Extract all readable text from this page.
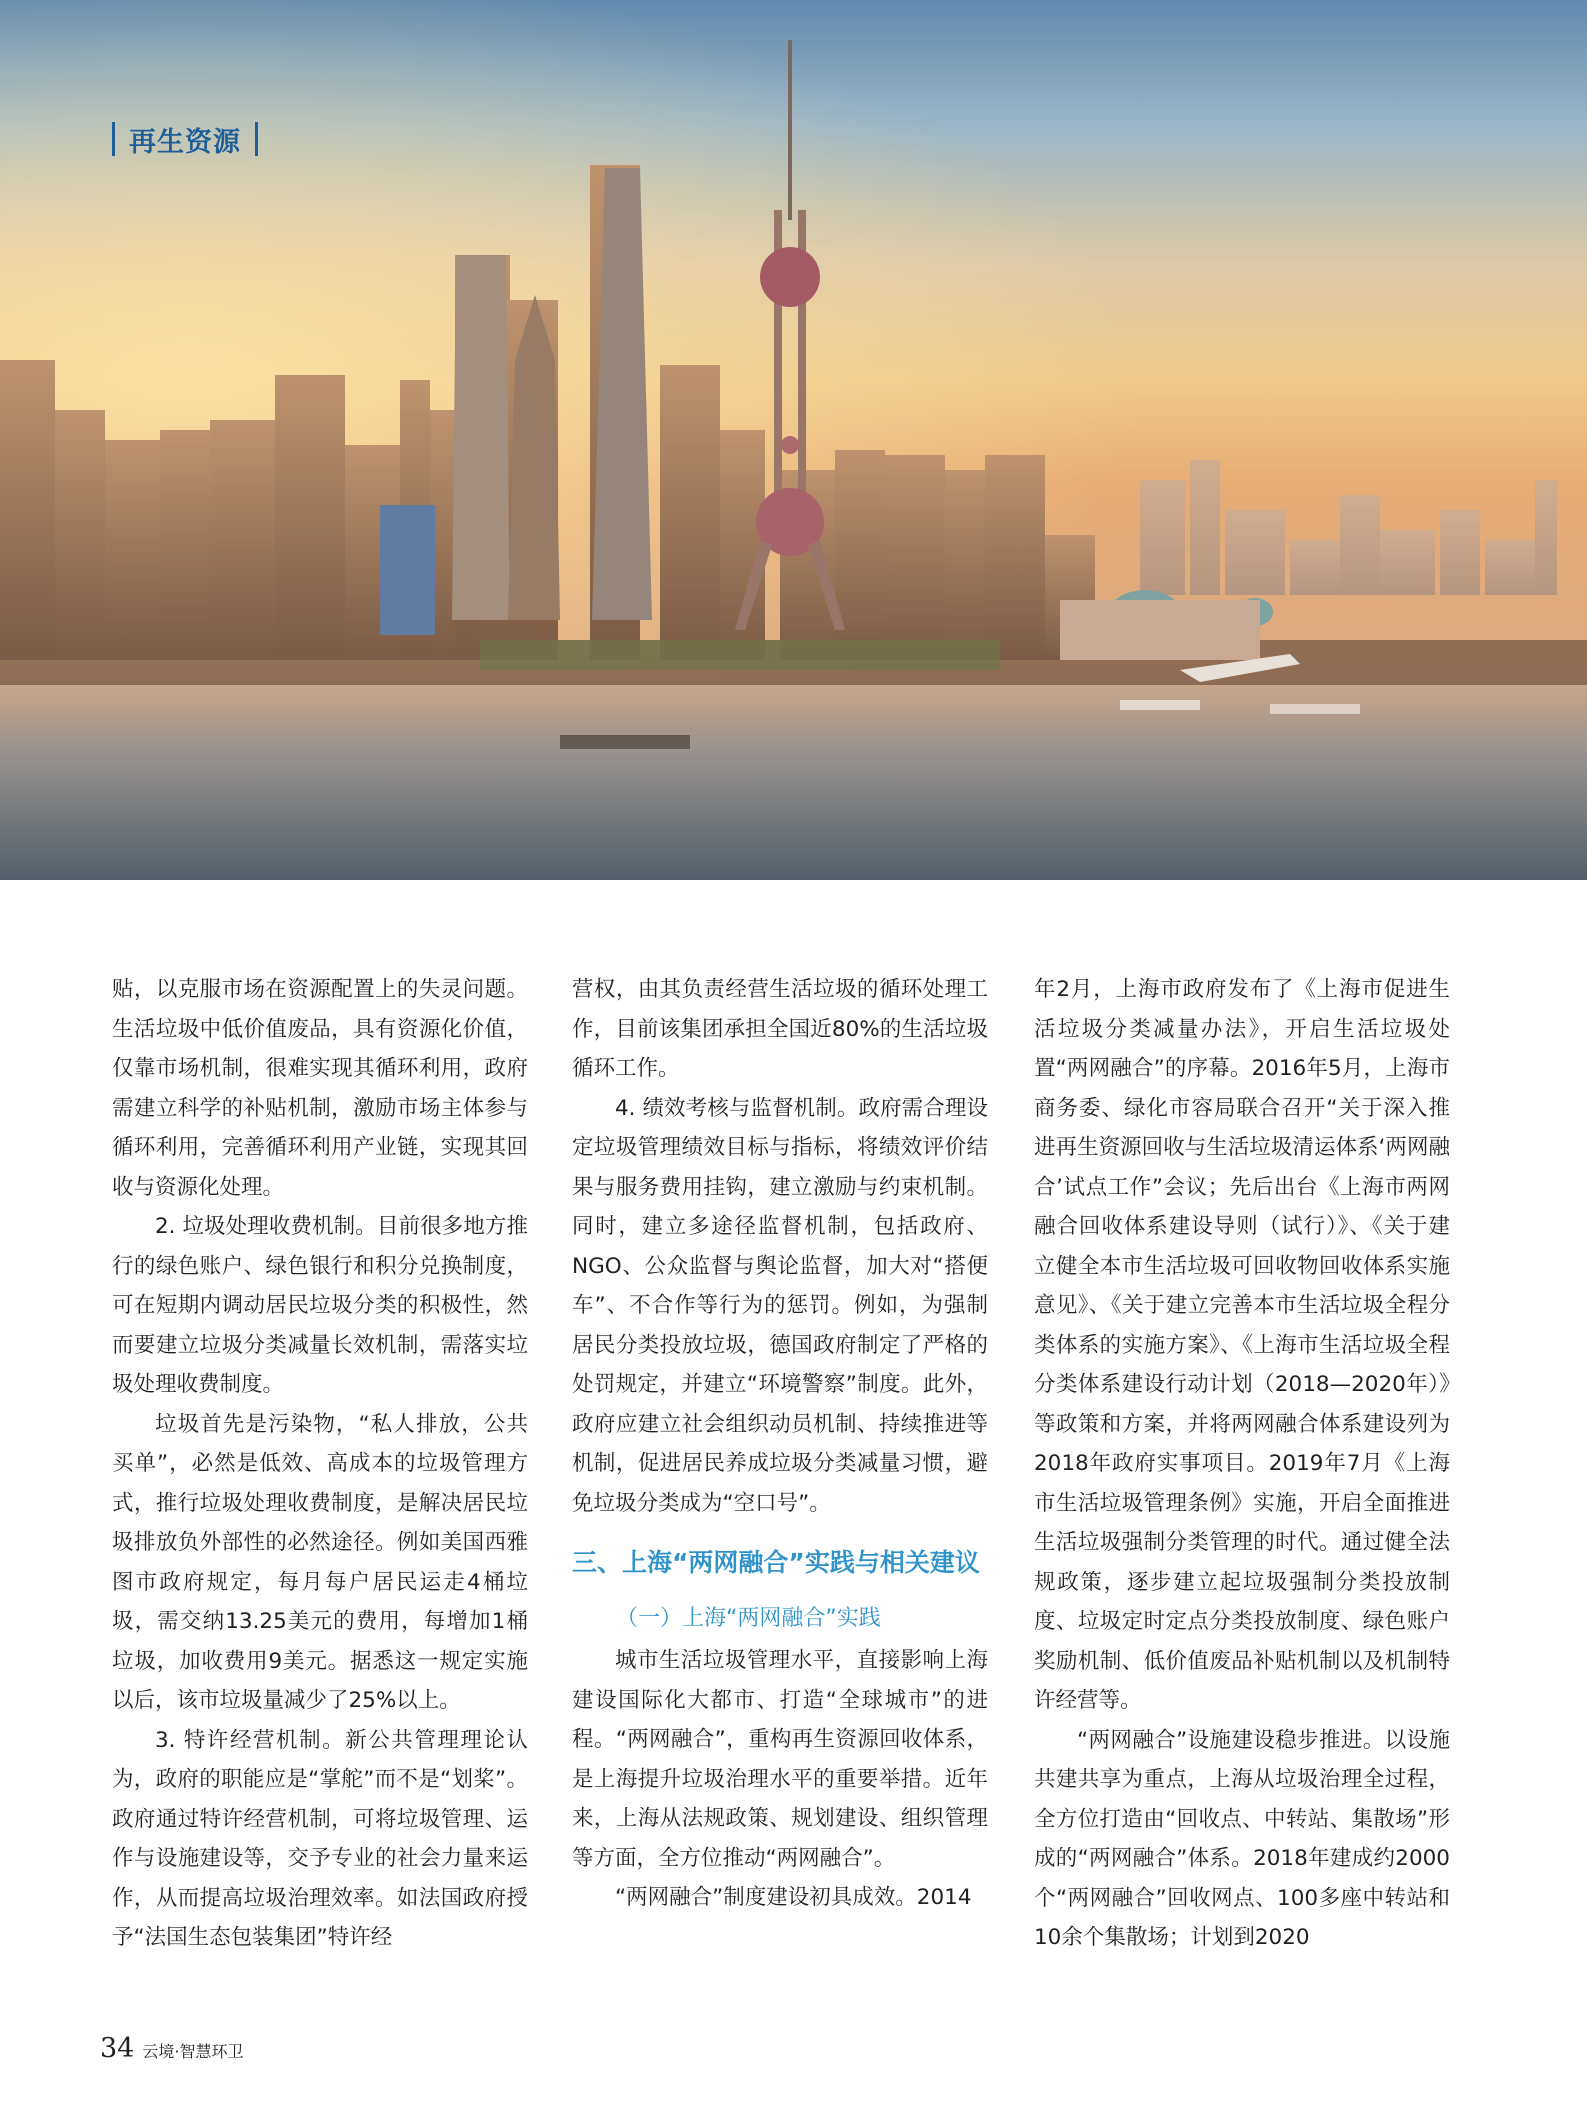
再生资源

贴，以克服市场在资源配置上的失灵问题。生活垃圾中低价值废品，具有资源化价值，仅靠市场机制，很难实现其循环利用，政府需建立科学的补贴机制，激励市场主体参与循环利用，完善循环利用产业链，实现其回收与资源化处理。

2. 垃圾处理收费机制。目前很多地方推行的绿色账户、绿色银行和积分兑换制度，可在短期内调动居民垃圾分类的积极性，然而要建立垃圾分类减量长效机制，需落实垃圾处理收费制度。

垃圾首先是污染物，“私人排放，公共买单”，必然是低效、高成本的垃圾管理方式，推行垃圾处理收费制度，是解决居民垃圾排放负外部性的必然途径。例如美国西雅图市政府规定，每月每户居民运走4桶垃圾，需交纳13.25美元的费用，每增加1桶垃圾，加收费用9美元。据悉这一规定实施以后，该市垃圾量减少了25%以上。

3. 特许经营机制。新公共管理理论认为，政府的职能应是“掌舵”而不是“划桨”。政府通过特许经营机制，可将垃圾管理、运作与设施建设等，交予专业的社会力量来运作，从而提高垃圾治理效率。如法国政府授予“法国生态包装集团”特许经

营权，由其负责经营生活垃圾的循环处理工作，目前该集团承担全国近80%的生活垃圾循环工作。

4. 绩效考核与监督机制。政府需合理设定垃圾管理绩效目标与指标，将绩效评价结果与服务费用挂钩，建立激励与约束机制。同时，建立多途径监督机制，包括政府、NGO、公众监督与舆论监督，加大对“搭便车”、不合作等行为的惩罚。例如，为强制居民分类投放垃圾，德国政府制定了严格的处罚规定，并建立“环境警察”制度。此外，政府应建立社会组织动员机制、持续推进等机制，促进居民养成垃圾分类减量习惯，避免垃圾分类成为“空口号”。

三、上海“两网融合”实践与相关建议
（一）上海“两网融合”实践

城市生活垃圾管理水平，直接影响上海建设国际化大都市、打造“全球城市”的进程。“两网融合”，重构再生资源回收体系，是上海提升垃圾治理水平的重要举措。近年来，上海从法规政策、规划建设、组织管理等方面，全方位推动“两网融合”。

“两网融合”制度建设初具成效。2014

年2月，上海市政府发布了《上海市促进生活垃圾分类减量办法》，开启生活垃圾处置“两网融合”的序幕。2016年5月，上海市商务委、绿化市容局联合召开“关于深入推进再生资源回收与生活垃圾清运体系‘两网融合’试点工作”会议；先后出台《上海市两网融合回收体系建设导则（试行）》、《关于建立健全本市生活垃圾可回收物回收体系实施意见》、《关于建立完善本市生活垃圾全程分类体系的实施方案》、《上海市生活垃圾全程分类体系建设行动计划（2018—2020年）》等政策和方案，并将两网融合体系建设列为2018年政府实事项目。2019年7月《上海市生活垃圾管理条例》实施，开启全面推进生活垃圾强制分类管理的时代。通过健全法规政策，逐步建立起垃圾强制分类投放制度、垃圾定时定点分类投放制度、绿色账户奖励机制、低价值废品补贴机制以及机制特许经营等。

“两网融合”设施建设稳步推进。以设施共建共享为重点，上海从垃圾治理全过程，全方位打造由“回收点、中转站、集散场”形成的“两网融合”体系。2018年建成约2000个“两网融合”回收网点、100多座中转站和10余个集散场；计划到2020

34 云境·智慧环卫
